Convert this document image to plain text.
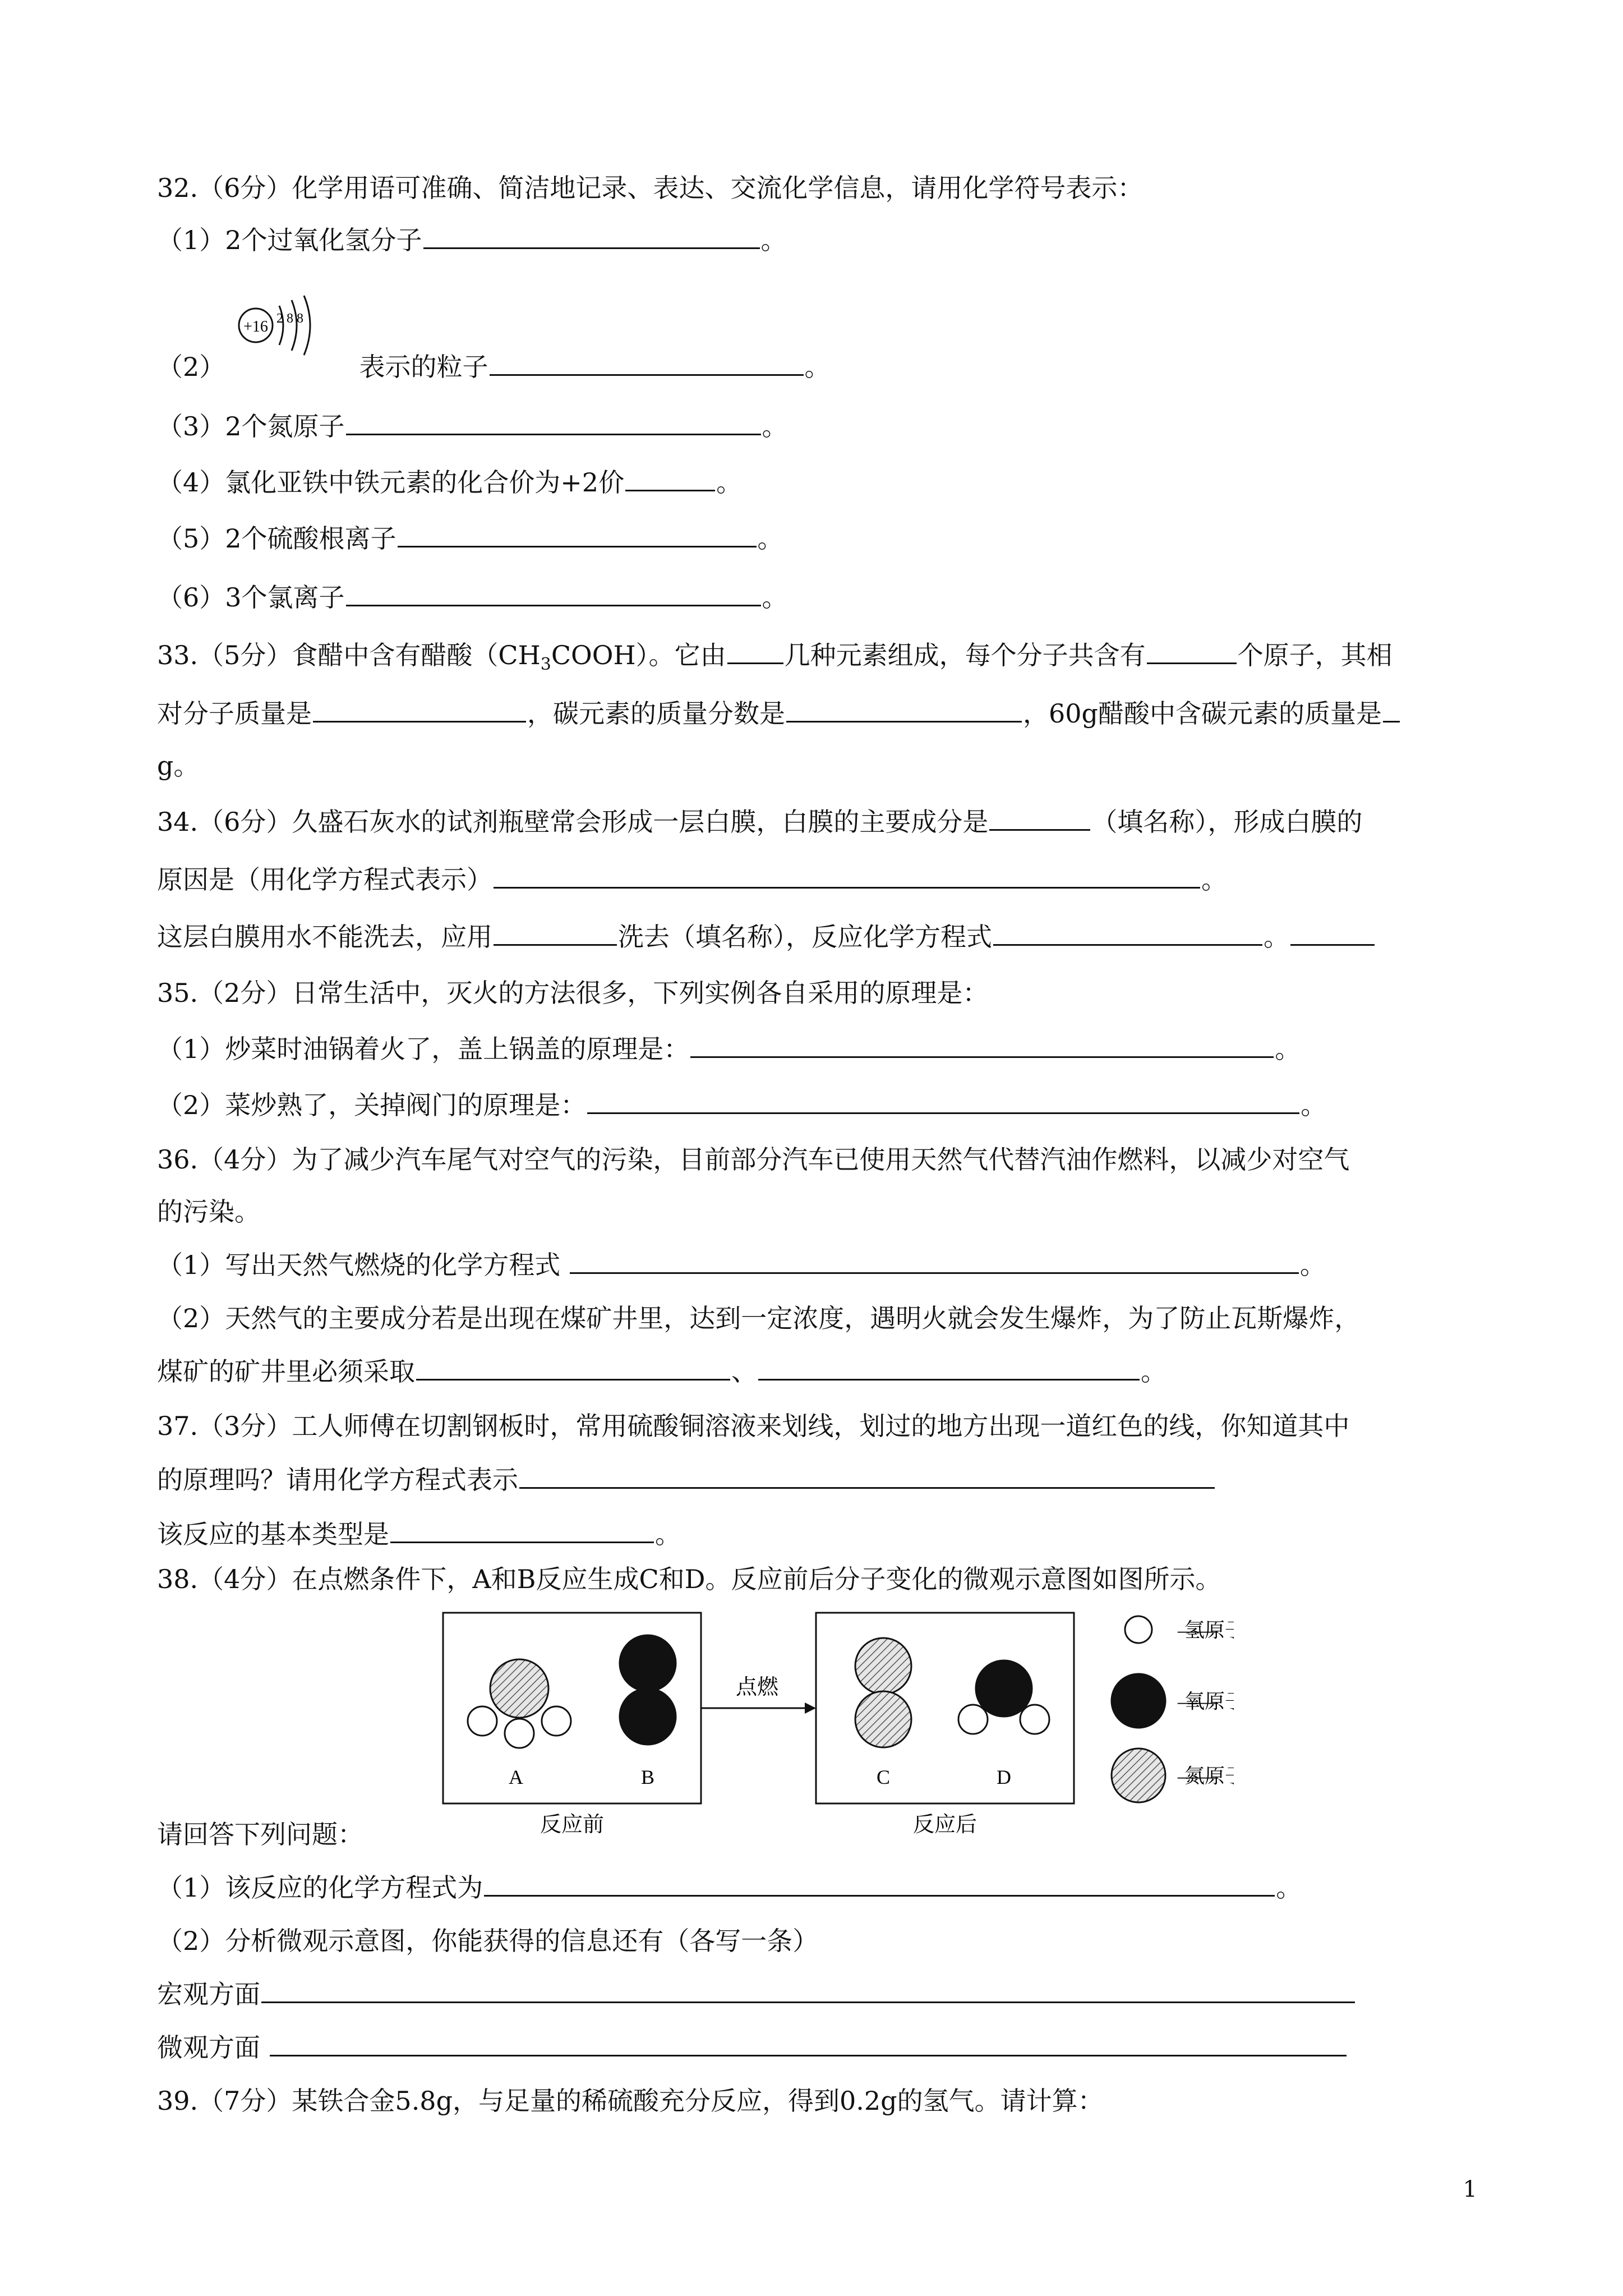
32.（6分）化学用语可准确、简洁地记录、表达、交流化学信息，请用化学符号表示：
（1）2个过氧化氢分子	。
（2）
+16 2 8 8
表示的粒子	。
（3）2个氮原子	。
（4）氯化亚铁中铁元素的化合价为+2价	。
（5）2个硫酸根离子	。
（6）3个氯离子	。
33.（5分）食醋中含有醋酸$(CH_3COOH)$。它由 几种元素组成，每个分子共含有	个原子，其相
对分子质量是	，碳元素的质量分数是	，60g醋酸中含碳元素的质量是
g。
34.（6分）久盛石灰水的试剂瓶壁常会形成一层白膜，白膜的主要成分是	（填名称），形成白膜的
原因是（用化学方程式表示）	。
这层白膜用水不能洗去，应用	洗去（填名称），反应化学方程式	。
35.（2分）日常生活中，灭火的方法很多，下列实例各自采用的原理是：
（1）炒菜时油锅着火了，盖上锅盖的原理是：	。
（2）菜炒熟了，关掉阀门的原理是：	。
36.（4分）为了减少汽车尾气对空气的污染，目前部分汽车已使用天然气代替汽油作燃料，以减少对空气
的污染。
（1）写出天然气燃烧的化学方程式	。
（2）天然气的主要成分若是出现在煤矿井里，达到一定浓度，遇明火就会发生爆炸，为了防止瓦斯爆炸，
煤矿的矿井里必须采取	、	。
37.（3分）工人师傅在切割钢板时，常用硫酸铜溶液来划线，划过的地方出现一道红色的线，你知道其中
的原理吗？请用化学方程式表示
该反应的基本类型是	。
38.（4分）在点燃条件下，A和B反应生成C和D。反应前后分子变化的微观示意图如图所示。
A	B
反应前
点燃
C	D
反应后
——
氢原
——
氧原
——
氮原
请回答下列问题：
（1）该反应的化学方程式为	。
（2）分析微观示意图，你能获得的信息还有（各写一条）
宏观方面
微观方面
39.（7分）某铁合金5.8g，与足量的稀硫酸充分反应，得到0.2g的氢气。请计算：
1
